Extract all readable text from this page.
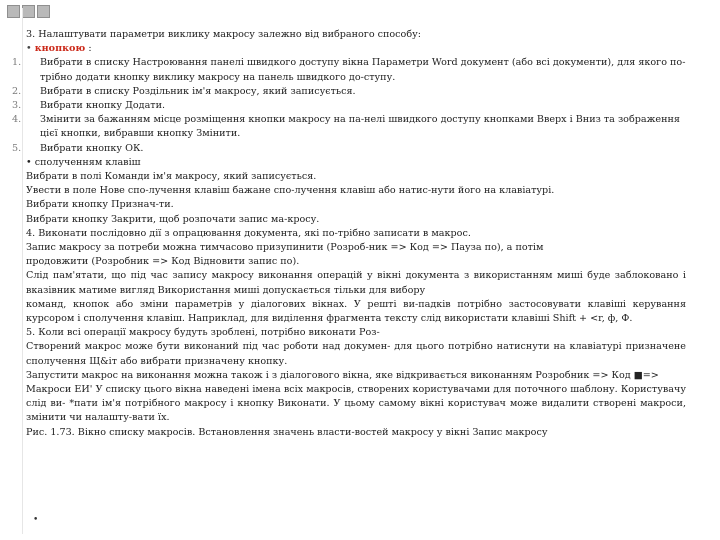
3. Налаштувати параметри виклику макросу залежно від вибраного способу:
• кнопкою :
1. Вибрати в списку Настроювання панелі швидкого доступу вікна Параметри Word документ (або всі документи), для якого по-трібно додати кнопку виклику макросу на панель швидкого до-ступу.
2. Вибрати в списку Роздільник ім'я макросу, який записується.
3. Вибрати кнопку Додати.
4. Змінити за бажанням місце розміщення кнопки макросу на па-нелі швидкого доступу кнопками Вверх і Вниз та зображення цієї кнопки, вибравши кнопку Змінити.
5. Вибрати кнопку ОК.
• сполученням клавіш
Вибрати в полі Команди ім'я макросу, який записується.
Увести в поле Нове спо-лучення клавіш бажане спо-лучення клавіш або натис-нути його на клавіатурі.
Вибрати кнопку Признач-ти.
Вибрати кнопку Закрити, щоб розпочати запис ма-кросу.
4. Виконати послідовно дії з опрацювання документа, які по-трібно записати в макрос.
Запис макросу за потреби можна тимчасово призупинити (Розроб-ник => Код => Пауза по), а потім
продовжити (Розробник => Код Відновити запис по).
Слід пам'ятати, що під час запису макросу виконання операцій у вікні документа з використанням миші буде заблоковано і вказівник матиме вигляд Використання миші допускається тільки для вибору
команд, кнопок або зміни параметрів у діалогових вікнах. У решті ви-падків потрібно застосовувати клавіші керування курсором і сполучення клавіш. Наприклад, для виділення фрагмента тексту слід використати клавіші Shift + <r, ф, Ф.
5. Коли всі операції макросу будуть зроблені, потрібно виконати Роз-
Створений макрос може бути виконаний під час роботи над докумен- для цього потрібно натиснути на клавіатурі призначене сполучення Щ&іт або вибрати призначену кнопку.
Запустити макрос на виконання можна також і з діалогового вікна, яке відкривається виконанням Розробник => Код ■=>
Макроси ЕИ' У списку цього вікна наведені імена всіх макросів, створених користувачами для поточного шаблону. Користувачу слід ви- *пати ім'я потрібного макросу і кнопку Виконати. У цьому самому вікні користувач може видалити створені макроси, змінити чи налашту-вати їх.
Рис. 1.73. Вікно списку макросів. Встановлення значень власти-востей макросу у вікні Запис макросу
•
